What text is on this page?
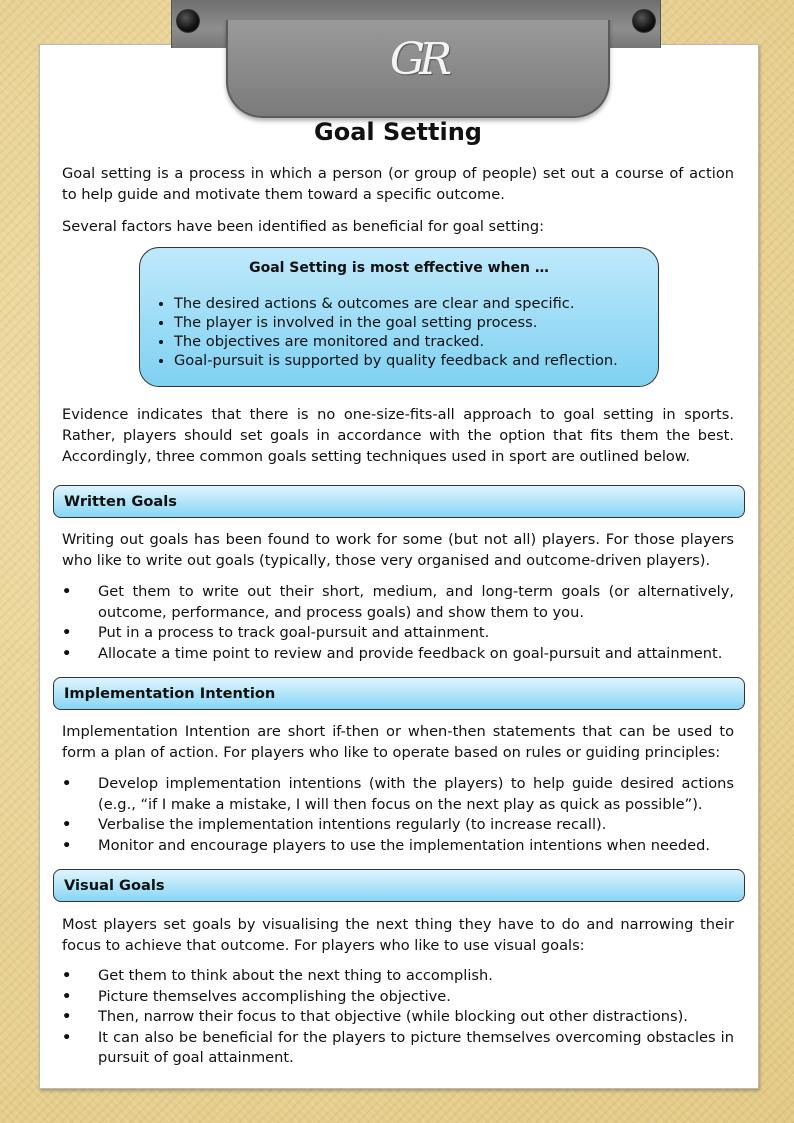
GR
Goal Setting

Goal setting is a process in which a person (or group of people) set out a course of action to help guide and motivate them toward a specific outcome.

Several factors have been identified as beneficial for goal setting:

Goal Setting is most effective when …
• The desired actions & outcomes are clear and specific.
• The player is involved in the goal setting process.
• The objectives are monitored and tracked.
• Goal-pursuit is supported by quality feedback and reflection.

Evidence indicates that there is no one-size-fits-all approach to goal setting in sports. Rather, players should set goals in accordance with the option that fits them the best. Accordingly, three common goals setting techniques used in sport are outlined below.

Written Goals

Writing out goals has been found to work for some (but not all) players. For those players who like to write out goals (typically, those very organised and outcome-driven players).

• Get them to write out their short, medium, and long-term goals (or alternatively, outcome, performance, and process goals) and show them to you.
• Put in a process to track goal-pursuit and attainment.
• Allocate a time point to review and provide feedback on goal-pursuit and attainment.
Implementation Intention

Implementation Intention are short if-then or when-then statements that can be used to form a plan of action. For players who like to operate based on rules or guiding principles:

• Develop implementation intentions (with the players) to help guide desired actions (e.g., “if I make a mistake, I will then focus on the next play as quick as possible”).
• Verbalise the implementation intentions regularly (to increase recall).
• Monitor and encourage players to use the implementation intentions when needed.
Visual Goals

Most players set goals by visualising the next thing they have to do and narrowing their focus to achieve that outcome. For players who like to use visual goals:

• Get them to think about the next thing to accomplish.
• Picture themselves accomplishing the objective.
• Then, narrow their focus to that objective (while blocking out other distractions).
• It can also be beneficial for the players to picture themselves overcoming obstacles in pursuit of goal attainment.
